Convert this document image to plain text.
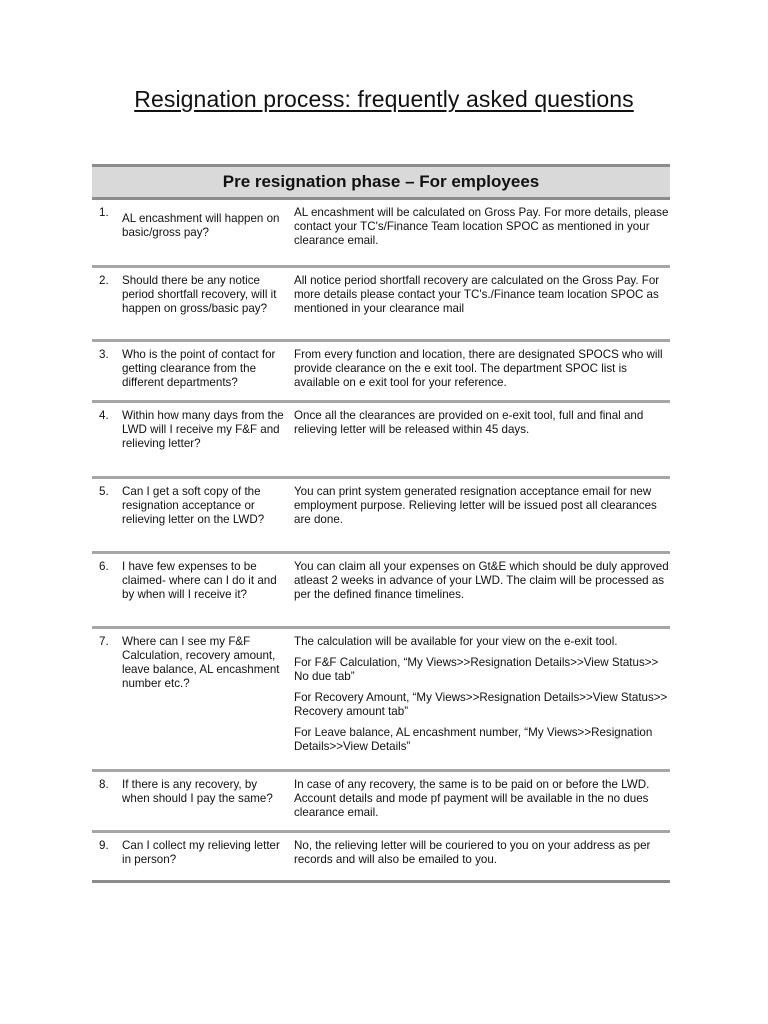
Resignation process: frequently asked questions
Pre resignation phase – For employees
1.	AL encashment will happen on basic/gross pay?

AL encashment will be calculated on Gross Pay. For more details, please contact your TC's/Finance Team location SPOC as mentioned in your clearance email.

2.	Should there be any notice period shortfall recovery, will it happen on gross/basic pay?

All notice period shortfall recovery are calculated on the Gross Pay. For more details please contact your TC's./Finance team location SPOC as mentioned in your clearance mail

3.	Who is the point of contact for getting clearance from the different departments?

From every function and location, there are designated SPOCS who will provide clearance on the e exit tool. The department SPOC list is available on e exit tool for your reference.

4.	Within how many days from the LWD will I receive my F&F and relieving letter?

Once all the clearances are provided on e-exit tool, full and final and relieving letter will be released within 45 days.

5.	Can I get a soft copy of the resignation acceptance or relieving letter on the LWD?

You can print system generated resignation acceptance email for new employment purpose. Relieving letter will be issued post all clearances are done.

6.	I have few expenses to be claimed- where can I do it and by when will I receive it?

You can claim all your expenses on Gt&E which should be duly approved atleast 2 weeks in advance of your LWD. The claim will be processed as per the defined finance timelines.

7.	Where can I see my F&F Calculation, recovery amount, leave balance, AL encashment number etc.?

The calculation will be available for your view on the e-exit tool.

For F&F Calculation, “My Views>>Resignation Details>>View Status>> No due tab”

For Recovery Amount, “My Views>>Resignation Details>>View Status>> Recovery amount tab”

For Leave balance, AL encashment number, “My Views>>Resignation Details>>View Details”

8.	If there is any recovery, by when should I pay the same?

In case of any recovery, the same is to be paid on or before the LWD. Account details and mode pf payment will be available in the no dues clearance email.

9.	Can I collect my relieving letter in person?

No, the relieving letter will be couriered to you on your address as per records and will also be emailed to you.
